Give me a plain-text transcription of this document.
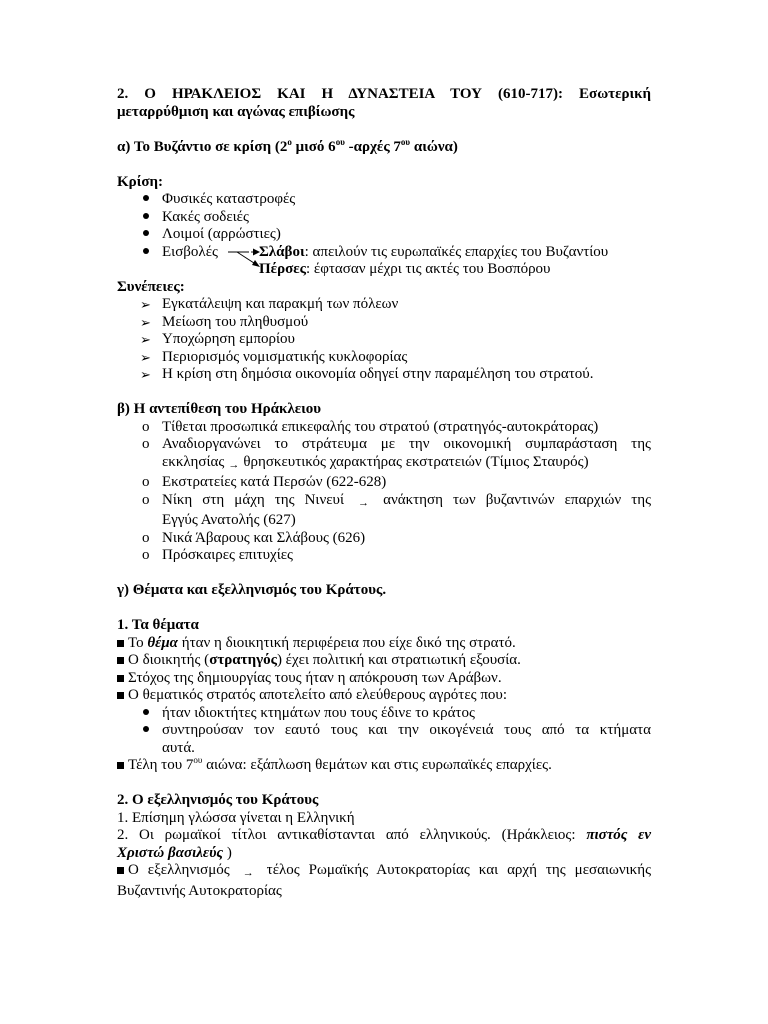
2. Ο ΗΡΑΚΛΕΙΟΣ ΚΑΙ Η ΔΥΝΑΣΤΕΙΑ ΤΟΥ (610-717): Εσωτερική

μεταρρύθμιση και αγώνας επιβίωσης

α) Το Βυζάντιο σε κρίση ($2^o$ μισό $6^{o\upsilon}$ -αρχές $7^{o\upsilon}$ αιώνα)

Κρίση:

Φυσικές καταστροφές
Κακές σοδειές
Λοιμοί (αρρώστιες)
Εισβολές	Σλάβοι: απειλούν τις ευρωπαϊκές επαρχίες του Βυζαντίου
Πέρσες: έφτασαν μέχρι τις ακτές του Βοσπόρου

Συνέπειες:

➢ Εγκατάλειψη και παρακμή των πόλεων
➢ Μείωση του πληθυσμού
➢ Υποχώρηση εμπορίου
➢ Περιορισμός νομισματικής κυκλοφορίας
➢ Η κρίση στη δημόσια οικονομία οδηγεί στην παραμέληση του στρατού.

β) Η αντεπίθεση του Ηράκλειου

o Τίθεται προσωπικά επικεφαλής του στρατού (στρατηγός-αυτοκράτορας)
o Αναδιοργανώνει το στράτευμα με την οικονομική συμπαράσταση της
εκκλησίας → θρησκευτικός χαρακτήρας εκστρατειών (Τίμιος Σταυρός)
o Εκστρατείες κατά Περσών (622-628)
o Νίκη στη μάχη της Νινευί → ανάκτηση των βυζαντινών επαρχιών της
Εγγύς Ανατολής (627)
o Νικά Άβαρους και Σλάβους (626)
o Πρόσκαιρες επιτυχίες

γ) Θέματα και εξελληνισμός του Κράτους.

1. Τα θέματα

Το θέμα ήταν η διοικητική περιφέρεια που είχε δικό της στρατό.
Ο διοικητής (στρατηγός) έχει πολιτική και στρατιωτική εξουσία.
Στόχος της δημιουργίας τους ήταν η απόκρουση των Αράβων.
Ο θεματικός στρατός αποτελείτο από ελεύθερους αγρότες που:
ήταν ιδιοκτήτες κτημάτων που τους έδινε το κράτος
συντηρούσαν τον εαυτό τους και την οικογένειά τους από τα κτήματα
αυτά.
Τέλη του $7^{o\upsilon}$ αιώνα: εξάπλωση θεμάτων και στις ευρωπαϊκές επαρχίες.

2. Ο εξελληνισμός του Κράτους

1. Επίσημη γλώσσα γίνεται η Ελληνική

2. Οι ρωμαϊκοί τίτλοι αντικαθίστανται από ελληνικούς. (Ηράκλειος: πιστός εν

Χριστώ βασιλεύς )

Ο εξελληνισμός → τέλος Ρωμαϊκής Αυτοκρατορίας και αρχή της μεσαιωνικής

Βυζαντινής Αυτοκρατορίας
